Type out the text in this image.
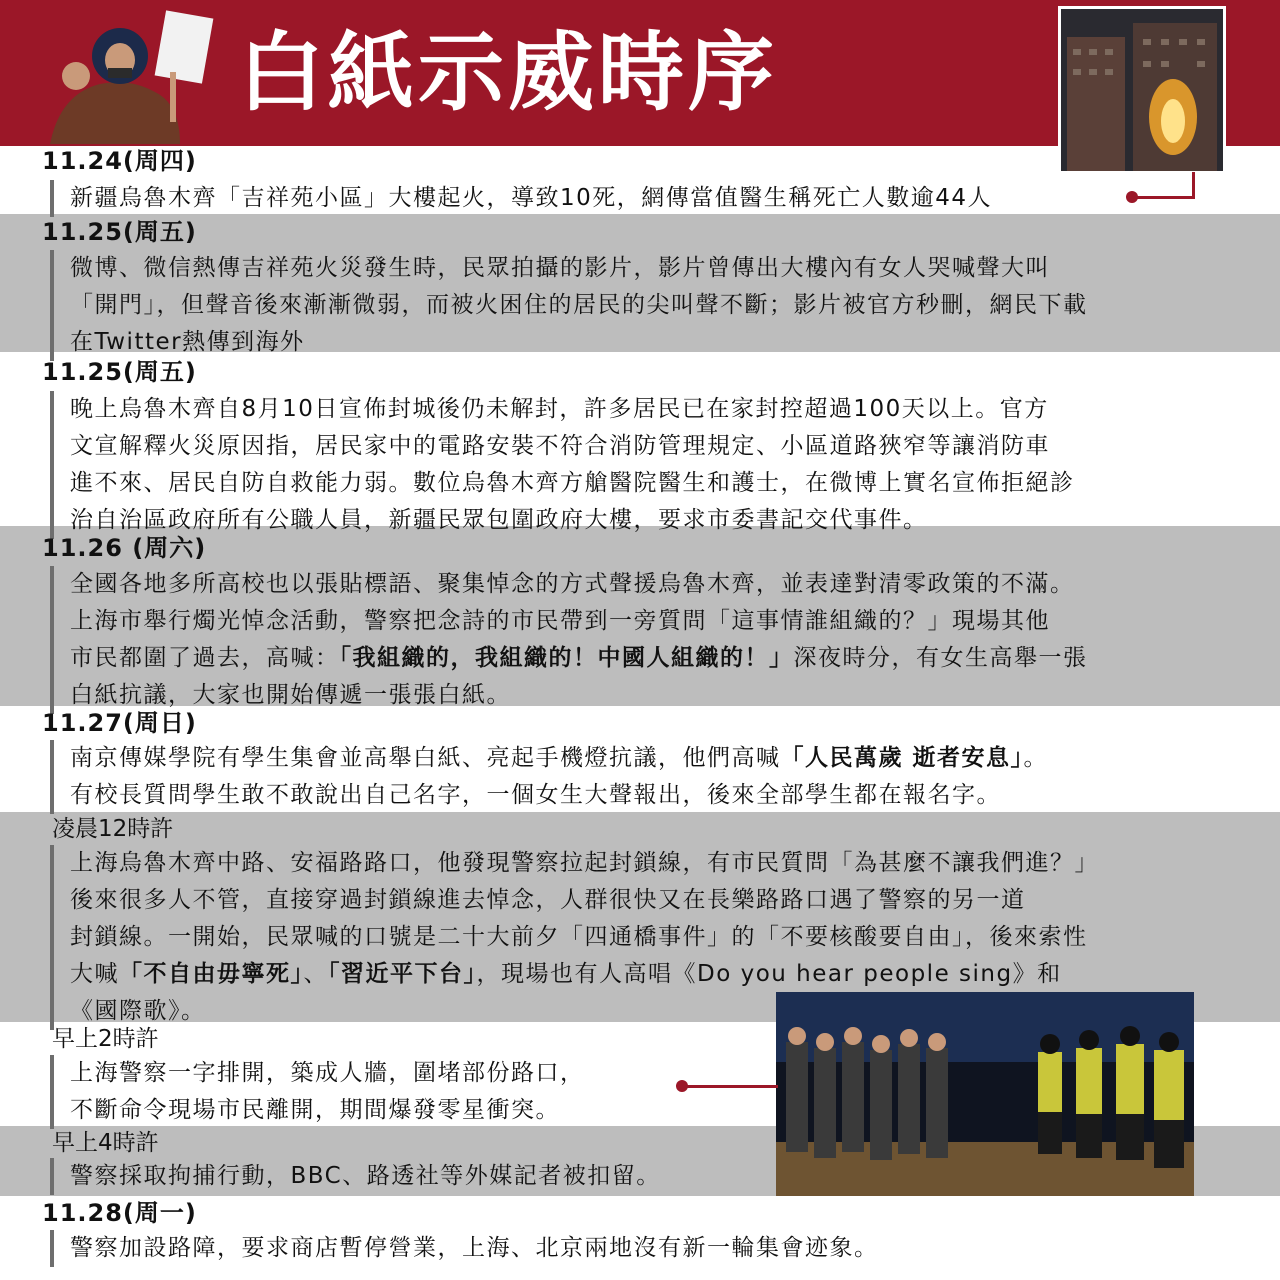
白紙示威時序
11.24(周四)
新疆烏魯木齊「吉祥苑小區」大樓起火，導致10死，網傳當值醫生稱死亡人數逾44人
11.25(周五)
微博、微信熱傳吉祥苑火災發生時，民眾拍攝的影片，影片曾傳出大樓內有女人哭喊聲大叫
「開門」，但聲音後來漸漸微弱，而被火困住的居民的尖叫聲不斷；影片被官方秒刪，網民下載
在Twitter熱傳到海外
11.25(周五)
晚上烏魯木齊自8月10日宣佈封城後仍未解封，許多居民已在家封控超過100天以上。官方
文宣解釋火災原因指，居民家中的電路安裝不符合消防管理規定、小區道路狹窄等讓消防車
進不來、居民自防自救能力弱。數位烏魯木齊方艙醫院醫生和護士，在微博上實名宣佈拒絕診
治自治區政府所有公職人員，新疆民眾包圍政府大樓，要求市委書記交代事件。
11.26 (周六)
全國各地多所高校也以張貼標語、聚集悼念的方式聲援烏魯木齊，並表達對清零政策的不滿。
上海市舉行燭光悼念活動，警察把念詩的市民帶到一旁質問「這事情誰組織的？」現場其他
市民都圍了過去，高喊：「我組織的，我組織的！中國人組織的！」深夜時分，有女生高舉一張
白紙抗議，大家也開始傳遞一張張白紙。
11.27(周日)
南京傳媒學院有學生集會並高舉白紙、亮起手機燈抗議，他們高喊「人民萬歲 逝者安息」。
有校長質問學生敢不敢說出自己名字，一個女生大聲報出，後來全部學生都在報名字。
凌晨12時許
上海烏魯木齊中路、安福路路口，他發現警察拉起封鎖線，有市民質問「為甚麼不讓我們進？」
後來很多人不管，直接穿過封鎖線進去悼念，人群很快又在長樂路路口遇了警察的另一道
封鎖線。一開始，民眾喊的口號是二十大前夕「四通橋事件」的「不要核酸要自由」，後來索性
大喊「不自由毋寧死」、「習近平下台」，現場也有人高唱《Do you hear people sing》和
《國際歌》。
早上2時許
上海警察一字排開，築成人牆，圍堵部份路口，
不斷命令現場市民離開，期間爆發零星衝突。
早上4時許
警察採取拘捕行動，BBC、路透社等外媒記者被扣留。
11.28(周一)
警察加設路障，要求商店暫停營業，上海、北京兩地沒有新一輪集會迹象。
